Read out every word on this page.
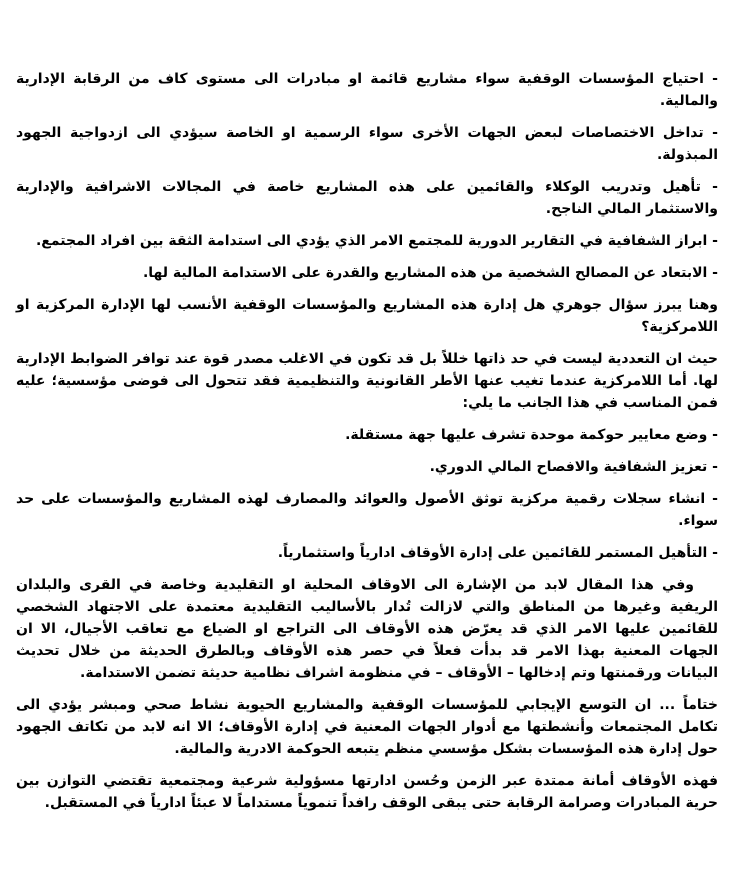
- احتياج المؤسسات الوقفية سواء مشاريع قائمة او مبادرات الى مستوى كاف من الرقابة الإدارية والمالية.

- تداخل الاختصاصات لبعض الجهات الأخرى سواء الرسمية او الخاصة سيؤدي الى ازدواجية الجهود المبذولة.

- تأهيل وتدريب الوكلاء والقائمين على هذه المشاريع خاصة في المجالات الاشرافية والإدارية والاستثمار المالي الناجح.

- ابراز الشفافية في التقارير الدورية للمجتمع الامر الذي يؤدي الى استدامة الثقة بين افراد المجتمع.

- الابتعاد عن المصالح الشخصية من هذه المشاريع والقدرة على الاستدامة المالية لها.

وهنا يبرز سؤال جوهري هل إدارة هذه المشاريع والمؤسسات الوقفية الأنسب لها الإدارة المركزية او اللامركزية؟

حيث ان التعددية ليست في حد ذاتها خللاً بل قد تكون في الاغلب مصدر قوة عند توافر الضوابط الإدارية لها. أما اللامركزية عندما تغيب عنها الأطر القانونية والتنظيمية فقد تتحول الى فوضى مؤسسية؛ عليه فمن المناسب في هذا الجانب ما يلي:

- وضع معايير حوكمة موحدة تشرف عليها جهة مستقلة.

- تعزيز الشفافية والافصاح المالي الدوري.

- انشاء سجلات رقمية مركزية توثق الأصول والعوائد والمصارف لهذه المشاريع والمؤسسات على حد سواء.

- التأهيل المستمر للقائمين على إدارة الأوقاف ادارياً واستثمارياً.

وفي هذا المقال لابد من الإشارة الى الاوقاف المحلية او التقليدية وخاصة في القرى والبلدان الريفية وغيرها من المناطق والتي لازالت تُدار بالأساليب التقليدية معتمدة على الاجتهاد الشخصي للقائمين عليها الامر الذي قد يعرّض هذه الأوقاف الى التراجع او الضياع مع تعاقب الأجيال، الا ان الجهات المعنية بهذا الامر قد بدأت فعلاً في حصر هذه الأوقاف وبالطرق الحديثة من خلال تحديث البيانات ورقمنتها وتم إدخالها – الأوقاف – في منظومة اشراف نظامية حديثة تضمن الاستدامة.

ختاماً ... ان التوسع الإيجابي للمؤسسات الوقفية والمشاريع الحيوية نشاط صحي ومبشر يؤدي الى تكامل المجتمعات وأنشطتها مع أدوار الجهات المعنية في إدارة الأوقاف؛ الا انه لابد من تكاتف الجهود حول إدارة هذه المؤسسات بشكل مؤسسي منظم يتبعه الحوكمة الادرية والمالية.

فهذه الأوقاف أمانة ممتدة عبر الزمن وحُسن ادارتها مسؤولية شرعية ومجتمعية تقتضي التوازن بين حرية المبادرات وصرامة الرقابة حتى يبقى الوقف رافداً تنموياً مستداماً لا عبئاً ادارياً في المستقبل.
